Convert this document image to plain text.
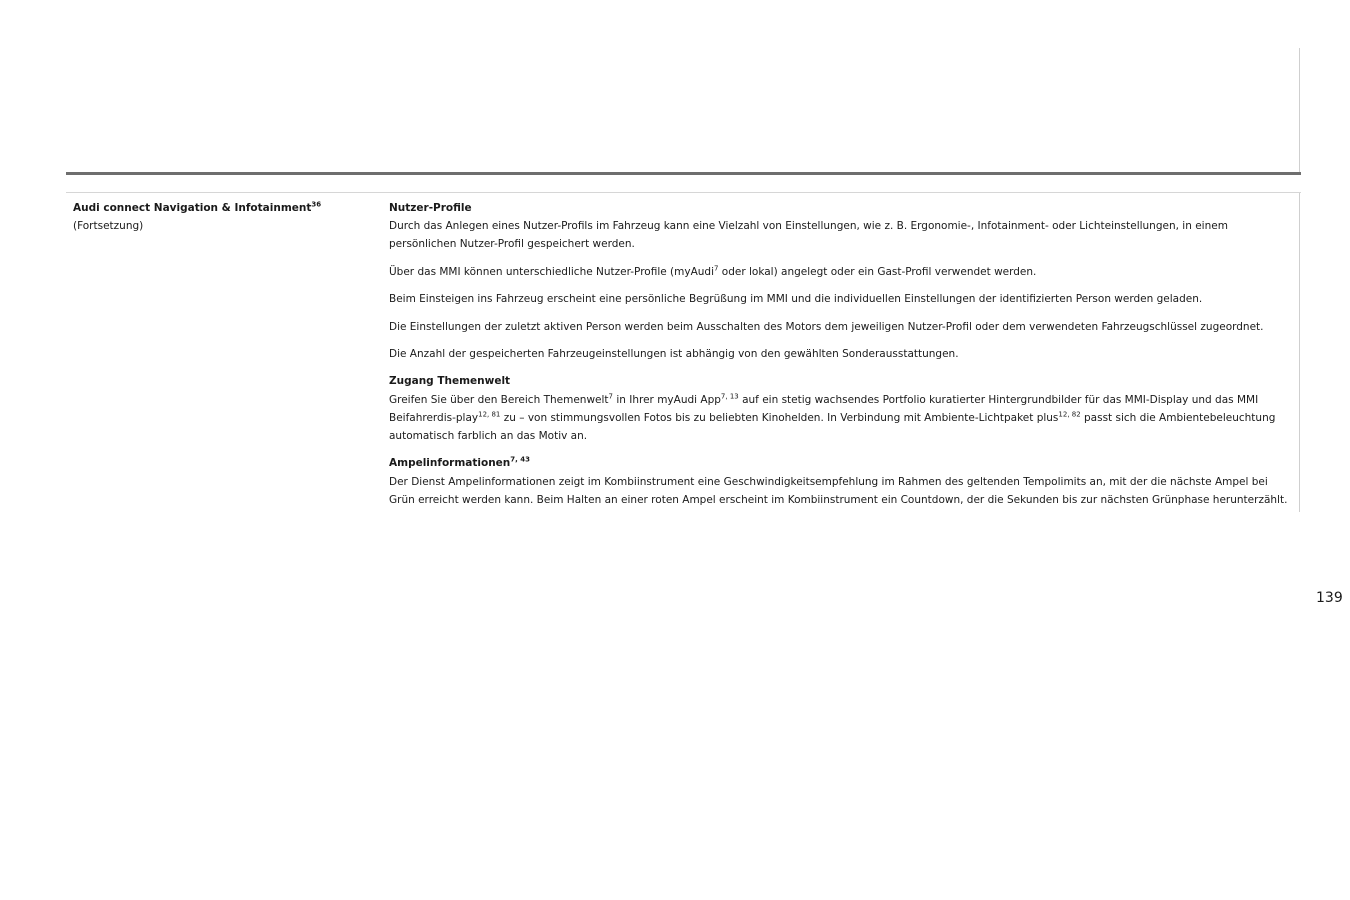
Audi connect Navigation & Infotainment$^{36}$
(Fortsetzung)
Nutzer-Profile

Durch das Anlegen eines Nutzer-Profils im Fahrzeug kann eine Vielzahl von Einstellungen, wie z. B. Ergonomie-, Infotainment- oder Lichteinstellungen, in einem persönlichen Nutzer-Profil gespeichert werden.

Über das MMI können unterschiedliche Nutzer-Profile (myAudi$^7$ oder lokal) angelegt oder ein Gast-Profil verwendet werden.

Beim Einsteigen ins Fahrzeug erscheint eine persönliche Begrüßung im MMI und die individuellen Einstellungen der identifizierten Person werden geladen.

Die Einstellungen der zuletzt aktiven Person werden beim Ausschalten des Motors dem jeweiligen Nutzer-Profil oder dem verwendeten Fahrzeugschlüssel zugeordnet.

Die Anzahl der gespeicherten Fahrzeugeinstellungen ist abhängig von den gewählten Sonderausstattungen.

Zugang Themenwelt

Greifen Sie über den Bereich Themenwelt$^7$ in Ihrer myAudi App$^{7, 13}$ auf ein stetig wachsendes Portfolio kuratierter Hintergrundbilder für das MMI-Display und das MMI Beifahrerdis-play$^{12, 81}$ zu – von stimmungsvollen Fotos bis zu beliebten Kinohelden. In Verbindung mit Ambiente-Lichtpaket plus$^{12, 82}$ passt sich die Ambientebeleuchtung automatisch farblich an das Motiv an.

Ampelinformationen$^{7, 43}$

Der Dienst Ampelinformationen zeigt im Kombiinstrument eine Geschwindigkeitsempfehlung im Rahmen des geltenden Tempolimits an, mit der die nächste Ampel bei Grün erreicht werden kann. Beim Halten an einer roten Ampel erscheint im Kombiinstrument ein Countdown, der die Sekunden bis zur nächsten Grünphase herunterzählt.

139
